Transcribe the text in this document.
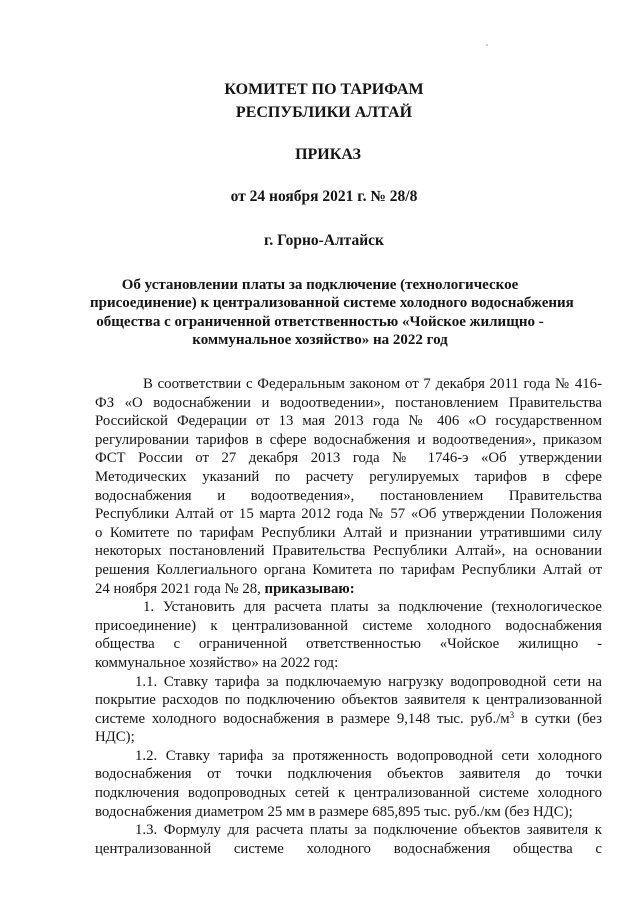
КОМИТЕТ ПО ТАРИФАМ
РЕСПУБЛИКИ АЛТАЙ
ПРИКАЗ
от 24 ноября 2021 г. № 28/8
г. Горно-Алтайск
Об установлении платы за подключение (технологическое
присоединение) к централизованной системе холодного водоснабжения
общества с ограниченной ответственностью «Чойское жилищно -
коммунальное хозяйство» на 2022 год
В соответствии с Федеральным законом от 7 декабря 2011 года № 416-
ФЗ «О водоснабжении и водоотведении», постановлением Правительства
Российской Федерации от 13 мая 2013 года № 406 «О государственном
регулировании тарифов в сфере водоснабжения и водоотведения», приказом
ФСТ России от 27 декабря 2013 года № 1746-э «Об утверждении
Методических указаний по расчету регулируемых тарифов в сфере
водоснабжения и водоотведения», постановлением Правительства
Республики Алтай от 15 марта 2012 года № 57 «Об утверждении Положения
о Комитете по тарифам Республики Алтай и признании утратившими силу
некоторых постановлений Правительства Республики Алтай», на основании
решения Коллегиального органа Комитета по тарифам Республики Алтай от
24 ноября 2021 года № 28, приказываю:
1. Установить для расчета платы за подключение (технологическое
присоединение) к централизованной системе холодного водоснабжения
общества с ограниченной ответственностью «Чойское жилищно -
коммунальное хозяйство» на 2022 год:
1.1. Ставку тарифа за подключаемую нагрузку водопроводной сети на
покрытие расходов по подключению объектов заявителя к централизованной
системе холодного водоснабжения в размере 9,148 тыс. $руб./м^3$ в сутки (без
НДС);
1.2. Ставку тарифа за протяженность водопроводной сети холодного
водоснабжения от точки подключения объектов заявителя до точки
подключения водопроводных сетей к централизованной системе холодного
водоснабжения диаметром 25 мм в размере 685,895 тыс. руб./км (без НДС);
1.3. Формулу для расчета платы за подключение объектов заявителя к
централизованной системе холодного водоснабжения общества с
